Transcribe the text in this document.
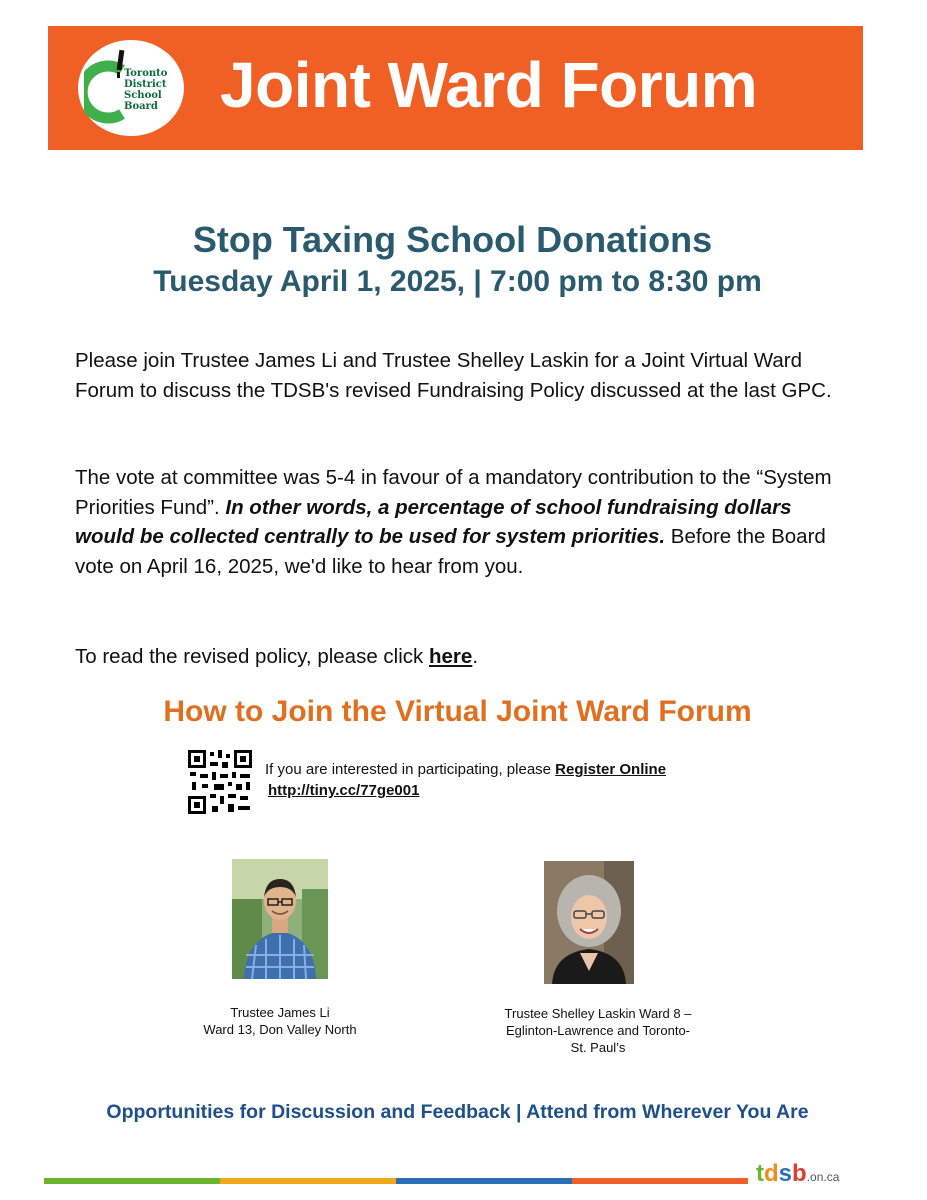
Toronto
District
School
Board Joint Ward Forum
Stop Taxing School Donations
Tuesday April 1, 2025, | 7:00 pm to 8:30 pm
Please join Trustee James Li and Trustee Shelley Laskin for a Joint Virtual Ward Forum to discuss the TDSB's revised Fundraising Policy discussed at the last GPC.
The vote at committee was 5-4 in favour of a mandatory contribution to the “System Priorities Fund”. In other words, a percentage of school fundraising dollars would be collected centrally to be used for system priorities. Before the Board vote on April 16, 2025, we'd like to hear from you.
To read the revised policy, please click here.
How to Join the Virtual Joint Ward Forum
If you are interested in participating, please Register Online
http://tiny.cc/77ge001
Trustee James Li
Ward 13, Don Valley North
Trustee Shelley Laskin Ward 8 –
Eglinton-Lawrence and Toronto-
St. Paul’s
Opportunities for Discussion and Feedback | Attend from Wherever You Are
tdsb.on.ca
